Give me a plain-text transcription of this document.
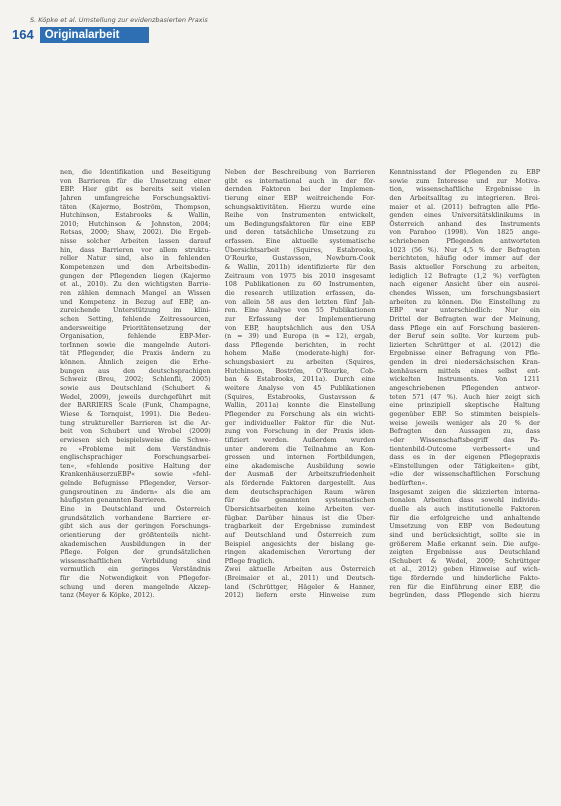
S. Köpke et al. Umstellung zur evidenzbasierten Praxis
164 Originalarbeit
nen, die Identifikation und Beseitigung
von Barrieren für die Umsetzung einer
EBP. Hier gibt es bereits seit vielen
Jahren umfangreiche Forschungsaktivi-
täten (Kajermo, Boström, Thompson,
Hutchinson, Estabrooks & Wallin,
2010; Hutchinson & Johnston, 2004;
Retsas, 2000; Shaw, 2002). Die Ergeb-
nisse solcher Arbeiten lassen darauf
hin, dass Barrieren vor allem struktu-
reller Natur sind, also in fehlenden
Kompetenzen und den Arbeitsbedin-
gungen der Pflegenden liegen (Kajermo
et al., 2010). Zu den wichtigsten Barrie-
ren zählen demnach Mangel an Wissen
und Kompetenz in Bezug auf EBP, an-
zureichende Unterstützung im klini-
schen Setting, fehlende Zeitressourcen,
andersweitige Prioritätensetzung der
Organisation, fehlende EBP-Mer-
torInnen sowie die mangelnde Autori-
tät Pflegender, die Praxis ändern zu
können. Ähnlich zeigen die Erhe-
bungen aus den deutschsprachigen
Schweiz (Breu, 2002; Schlenfli, 2005)
sowie aus Deutschland (Schubert &
Wedel, 2009), jeweils durchgeführt mit
der BARRIERS Scale (Funk, Champagne,
Wiese & Tornquist, 1991). Die Bedeu-
tung struktureller Barrieren ist die Ar-
beit von Schubert und Wrobel (2009)
erwiesen sich beispielsweise die Schwe-
re »Probleme mit dem Verständnis
englischsprachiger Forschungsarbei-
ten«, »fehlende positive Haltung der
KrankenhäuserzuEBP« sowie »fehl-
gelnde Befugnisse Pflegender, Versor-
gungsroutinen zu ändern« als die am
häufigsten genannten Barrieren.
Eine in Deutschland und Österreich
grundsätzlich vorhandene Barriere er-
gibt sich aus der geringen Forschungs-
orientierung der größtenteils nicht-
akademischen Ausbildungen in der
Pflege. Folgen der grundsätzlichen
wissenschaftlichen Verbildung sind
vermutlich ein geringes Verständnis
für die Notwendigkeit von Pflegefor-
schung und deren mangelnde Akzep-
tanz (Meyer & Köpke, 2012).
Neben der Beschreibung von Barrieren
gibt es international auch in der för-
dernden Faktoren bei der Implemen-
tierung einer EBP weitreichende For-
schungsaktivitäten. Hierzu wurde eine
Reihe von Instrumenten entwickelt,
um Bedingungsfaktoren für eine EBP
und deren tatsächliche Umsetzung zu
erfassen. Eine aktuelle systematische
Übersichtsarbeit (Squires, Estabrooks,
O’Rourke, Gustavsson, Newburn-Cook
& Wallin, 2011b) identifizierte für den
Zeitraum von 1975 bis 2010 insgesamt
108 Publikationen zu 60 Instrumenten,
die research utilization erfassen, da-
von allein 58 aus den letzten fünf Jah-
ren. Eine Analyse von 55 Publikationen
zur Erfassung der Implementierung
von EBP, hauptsächlich aus den USA
(n = 39) und Europa (n = 12), ergab,
dass Pflegende berichten, in recht
hohem Maße (moderate-high) for-
schungsbasiert zu arbeiten (Squires,
Hutchinson, Boström, O’Rourke, Cob-
ban & Estabrooks, 2011a). Durch eine
weitere Analyse von 45 Publikationen
(Squires, Estabrooks, Gustavsson &
Wallin, 2011a) konnte die Einstellung
Pflegender zu Forschung als ein wichti-
ger individueller Faktor für die Nut-
zung von Forschung in der Praxis iden-
tifiziert werden. Außerdem wurden
unter anderem die Teilnahme an Kon-
gressen und internen Fortbildungen,
eine akademische Ausbildung sowie
der Ausmaß der Arbeitszufriedenheit
als fördernde Faktoren dargestellt. Aus
dem deutschsprachigen Raum wären
für die genannten systematischen
Übersichtsarbeiten keine Arbeiten ver-
fügbar. Darüber hinaus ist die Über-
tragbarkeit der Ergebnisse zumindest
auf Deutschland und Österreich zum
Beispiel angesichts der bislang ge-
ringen akademischen Verortung der
Pflege fraglich.
Zwei aktuelle Arbeiten aus Österreich
(Breimaier et al., 2011) und Deutsch-
land (Schrüttger, Hägeler & Hanner,
2012) liefern erste Hinweise zum
Kenntnisstand der Pflegenden zu EBP
sowie zum Interesse und zur Motiva-
tion, wissenschaftliche Ergebnisse in
den Arbeitsalltag zu integrieren. Brei-
maier et al. (2011) befragten alle Pfle-
genden eines Universitätsklinikums in
Österreich anhand des Instruments
von Parahoo (1998). Von 1825 ange-
schriebenen Pflegenden antworteten
1023 (56 %). Nur 4,5 % der Befragten
berichteten, häufig oder immer auf der
Basis aktueller Forschung zu arbeiten,
lediglich 12 Befragte (1,2 %) verfügten
nach eigener Ansicht über ein ausrei-
chendes Wissen, um forschungsbasiert
arbeiten zu können. Die Einstellung zu
EBP war unterschiedlich: Nur ein
Drittel der Befragten war der Meinung,
dass Pflege ein auf Forschung basieren-
der Beruf sein sollte. Vor kurzem pub-
lizierten Schrüttger et al. (2012) die
Ergebnisse einer Befragung von Pfle-
genden in drei niedersächsischen Kran-
kenhäusern mittels eines selbst ent-
wickelten Instruments. Von 1211
angeschriebenen Pflegenden antwor-
teten 571 (47 %). Auch hier zeigt sich
eine prinzipiell skeptische Haltung
gegenüber EBP. So stimmten beispiels-
weise jeweils weniger als 20 % der
Befragten den Aussagen zu, dass
»der Wissenschaftsbegriff das Pa-
tientenbild-Outcome verbessert« und
dass es in der eigenen Pflegepraxis
»Einstellungen oder Tätigkeiten« gibt,
»die der wissenschaftlichen Forschung
bedürften«.
Insgesamt zeigen die skizzierten interna-
tionalen Arbeiten dass sowohl individu-
duelle als auch institutionelle Faktoren
für die erfolgreiche und anhaltende
Umsetzung von EBP von Bedeutung
sind und berücksichtigt, sollte sie in
größerem Maße erkannt sein. Die aufge-
zeigten Ergebnisse aus Deutschland
(Schubert & Wedel, 2009; Schrüttger
et al., 2012) geben Hinweise auf wich-
tige fördernde und hinderliche Fakto-
ren für die Einführung einer EBP, die
begründen, dass Pflegende sich hierzu
